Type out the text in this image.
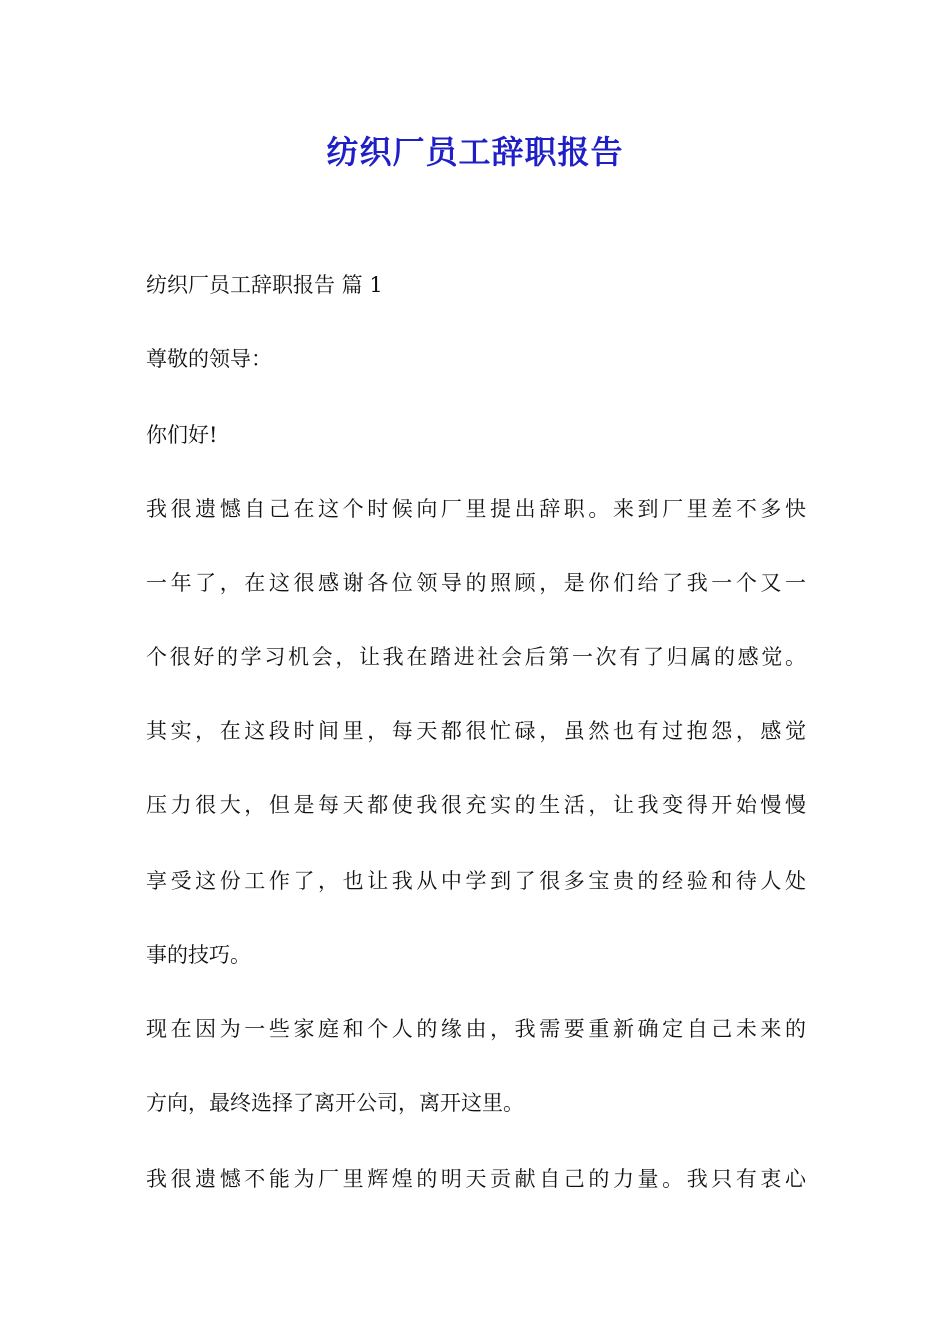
纺织厂员工辞职报告
纺织厂员工辞职报告 篇 1
尊敬的领导：
你们好!
我很遗憾自己在这个时候向厂里提出辞职。来到厂里差不多快
一年了，在这很感谢各位领导的照顾，是你们给了我一个又一
个很好的学习机会，让我在踏进社会后第一次有了归属的感觉。
其实，在这段时间里，每天都很忙碌，虽然也有过抱怨，感觉
压力很大，但是每天都使我很充实的生活，让我变得开始慢慢
享受这份工作了，也让我从中学到了很多宝贵的经验和待人处
事的技巧。
现在因为一些家庭和个人的缘由，我需要重新确定自己未来的
方向，最终选择了离开公司，离开这里。
我很遗憾不能为厂里辉煌的明天贡献自己的力量。我只有衷心
